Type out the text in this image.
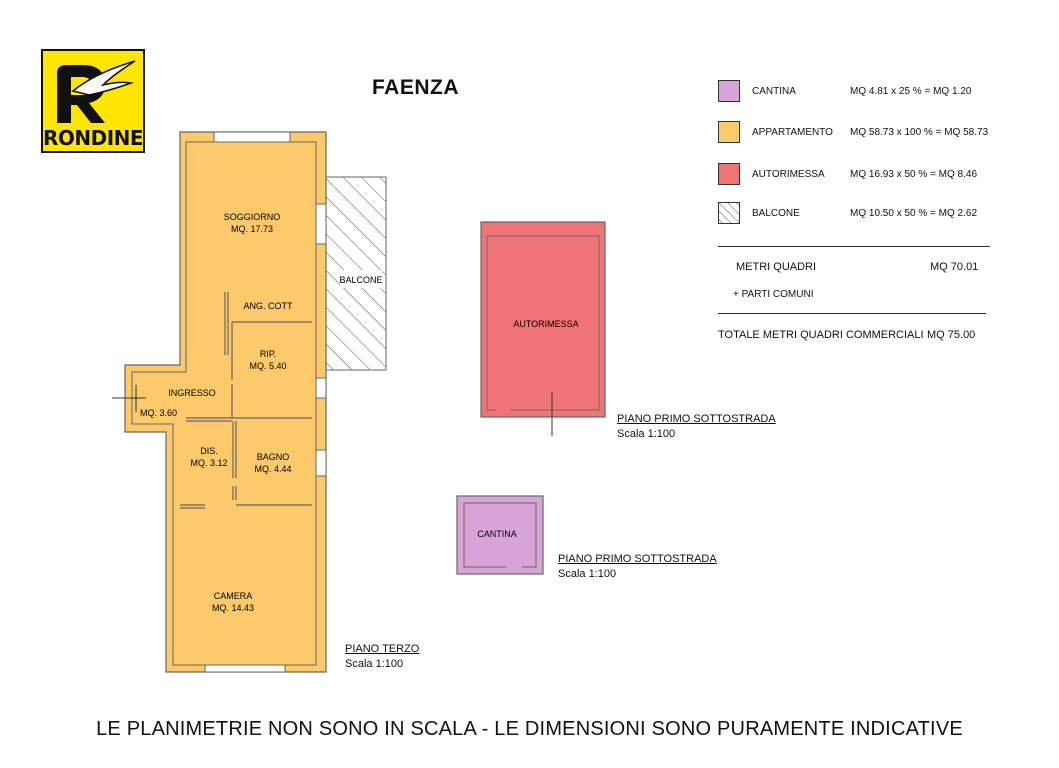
RONDINE
FAENZA
BALCONE
SOGGIORNO
MQ. 17.73
ANG. COTT
RIP.
MQ. 5.40
INGRESSO
MQ. 3.60
DIS.
MQ. 3.12
BAGNO
MQ. 4.44
CAMERA
MQ. 14.43
AUTORIMESSA
CANTINA
PIANO TERZO
Scala 1:100
PIANO PRIMO SOTTOSTRADA
Scala 1:100
PIANO PRIMO SOTTOSTRADA
Scala 1:100
CANTINA	MQ 4.81 x 25 % = MQ 1.20
APPARTAMENTO MQ 58.73 x 100 % = MQ 58.73
AUTORIMESSA	MQ 16.93 x 50 % = MQ 8.46
BALCONE	MQ 10.50 x 50 % = MQ 2.62
METRI QUADRI	MQ 70.01
+ PARTI COMUNI
TOTALE METRI QUADRI COMMERCIALI MQ 75.00
LE PLANIMETRIE NON SONO IN SCALA - LE DIMENSIONI SONO PURAMENTE INDICATIVE
